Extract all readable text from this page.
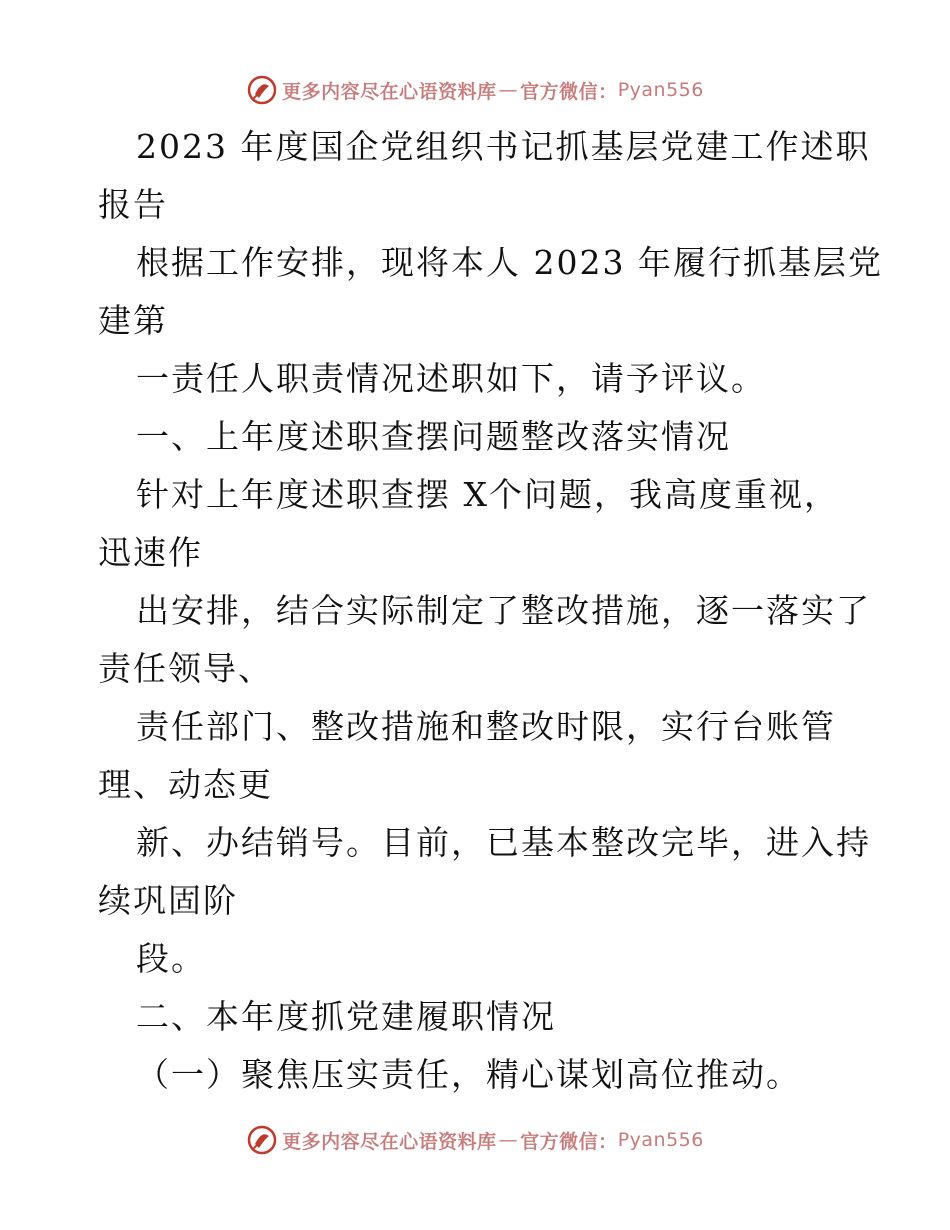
更多内容尽在心语资料库 — 官方微信： Pyan556
2023 年度国企党组织书记抓基层党建工作述职
报告
根据工作安排，现将本人 2023 年履行抓基层党
建第
一责任人职责情况述职如下，请予评议。
一、上年度述职查摆问题整改落实情况
针对上年度述职查摆 X个问题，我高度重视，
迅速作
出安排，结合实际制定了整改措施，逐一落实了
责任领导、
责任部门、整改措施和整改时限，实行台账管
理、动态更
新、办结销号。目前，已基本整改完毕，进入持
续巩固阶
段。
二、本年度抓党建履职情况
（一）聚焦压实责任，精心谋划高位推动。
更多内容尽在心语资料库 — 官方微信： Pyan556
